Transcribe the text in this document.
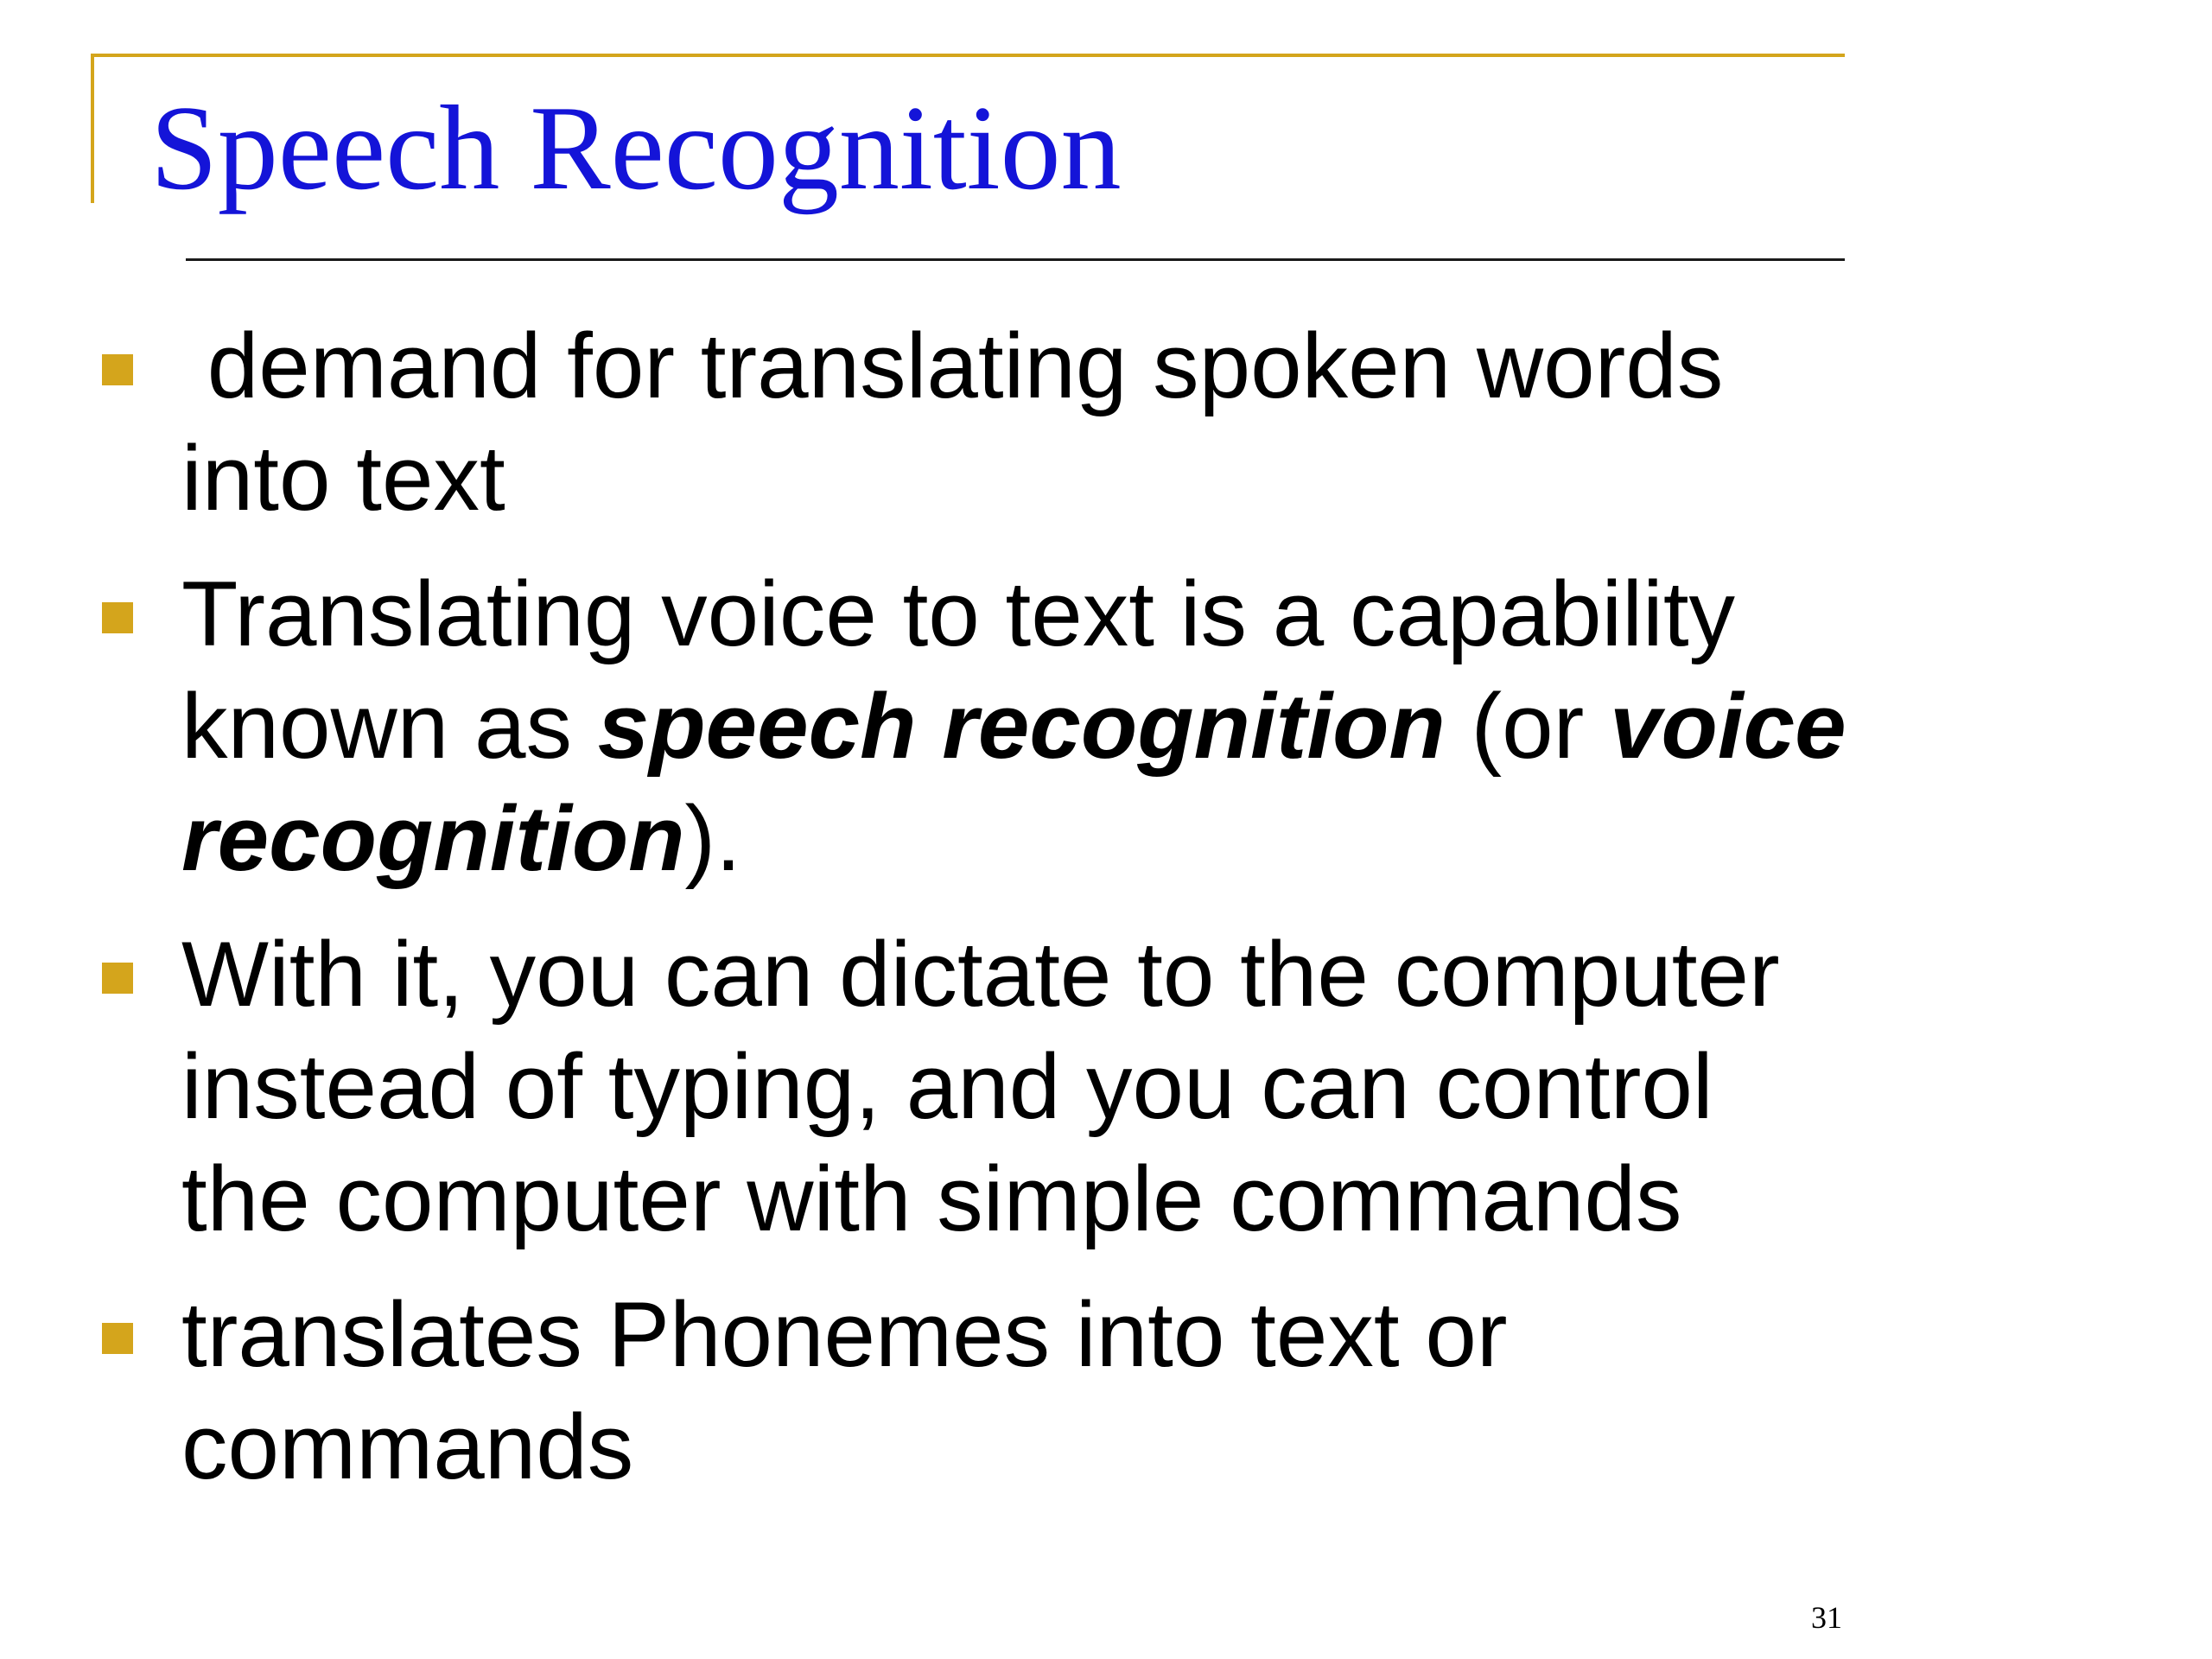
Speech Recognition
demand for translating spoken words into text
Translating voice to text is a capability known as speech recognition (or voice recognition).
With it, you can dictate to the computer instead of typing, and you can control the computer with simple commands
translates Phonemes into text or commands
31
